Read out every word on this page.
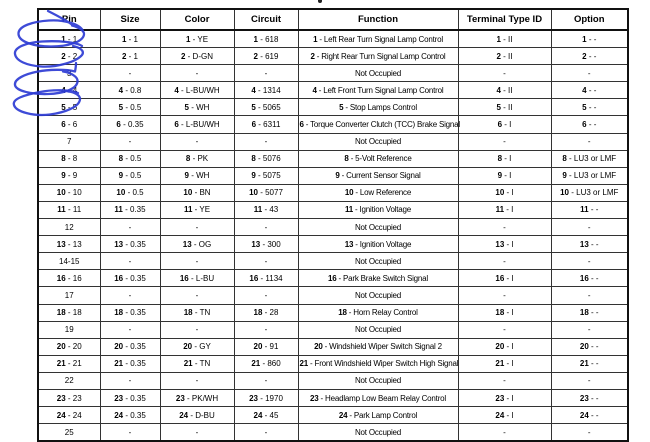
Pin	Size	Color	Circuit	Function	Terminal Type ID	Option
1 - 1	1 - 1	1 - YE	1 - 618	1 - Left Rear Turn Signal Lamp Control	1 - II	1 - -
2 - 2	2 - 1	2 - D-GN	2 - 619	2 - Right Rear Turn Signal Lamp Control	2 - II	2 - -
3	-	-	-	Not Occupied	-	-
4 - 4	4 - 0.8	4 - L-BU/WH	4 - 1314	4 - Left Front Turn Signal Lamp Control	4 - II	4 - -
5 - 5	5 - 0.5	5 - WH	5 - 5065	5 - Stop Lamps Control	5 - II	5 - -
6 - 6	6 - 0.35	6 - L-BU/WH	6 - 6311	6 - Torque Converter Clutch (TCC) Brake Signal	6 - I	6 - -
7	-	-	-	Not Occupied	-	-
8 - 8	8 - 0.5	8 - PK	8 - 5076	8 - 5-Volt Reference	8 - I	8 - LU3 or LMF
9 - 9	9 - 0.5	9 - WH	9 - 5075	9 - Current Sensor Signal	9 - I	9 - LU3 or LMF
10 - 10	10 - 0.5	10 - BN	10 - 5077	10 - Low Reference	10 - I	10 - LU3 or LMF
11 - 11	11 - 0.35	11 - YE	11 - 43	11 - Ignition Voltage	11 - I	11 - -
12	-	-	-	Not Occupied	-	-
13 - 13	13 - 0.35	13 - OG	13 - 300	13 - Ignition Voltage	13 - I	13 - -
14-15	-	-	-	Not Occupied	-	-
16 - 16	16 - 0.35	16 - L-BU	16 - 1134	16 - Park Brake Switch Signal	16 - I	16 - -
17	-	-	-	Not Occupied	-	-
18 - 18	18 - 0.35	18 - TN	18 - 28	18 - Horn Relay Control	18 - I	18 - -
19	-	-	-	Not Occupied	-	-
20 - 20	20 - 0.35	20 - GY	20 - 91	20 - Windshield Wiper Switch Signal 2	20 - I	20 - -
21 - 21	21 - 0.35	21 - TN	21 - 860	21 - Front Windshield Wiper Switch High Signal	21 - I	21 - -
22	-	-	-	Not Occupied	-	-
23 - 23	23 - 0.35	23 - PK/WH	23 - 1970	23 - Headlamp Low Beam Relay Control	23 - I	23 - -
24 - 24	24 - 0.35	24 - D-BU	24 - 45	24 - Park Lamp Control	24 - I	24 - -
25	-	-	-	Not Occupied	-	-
